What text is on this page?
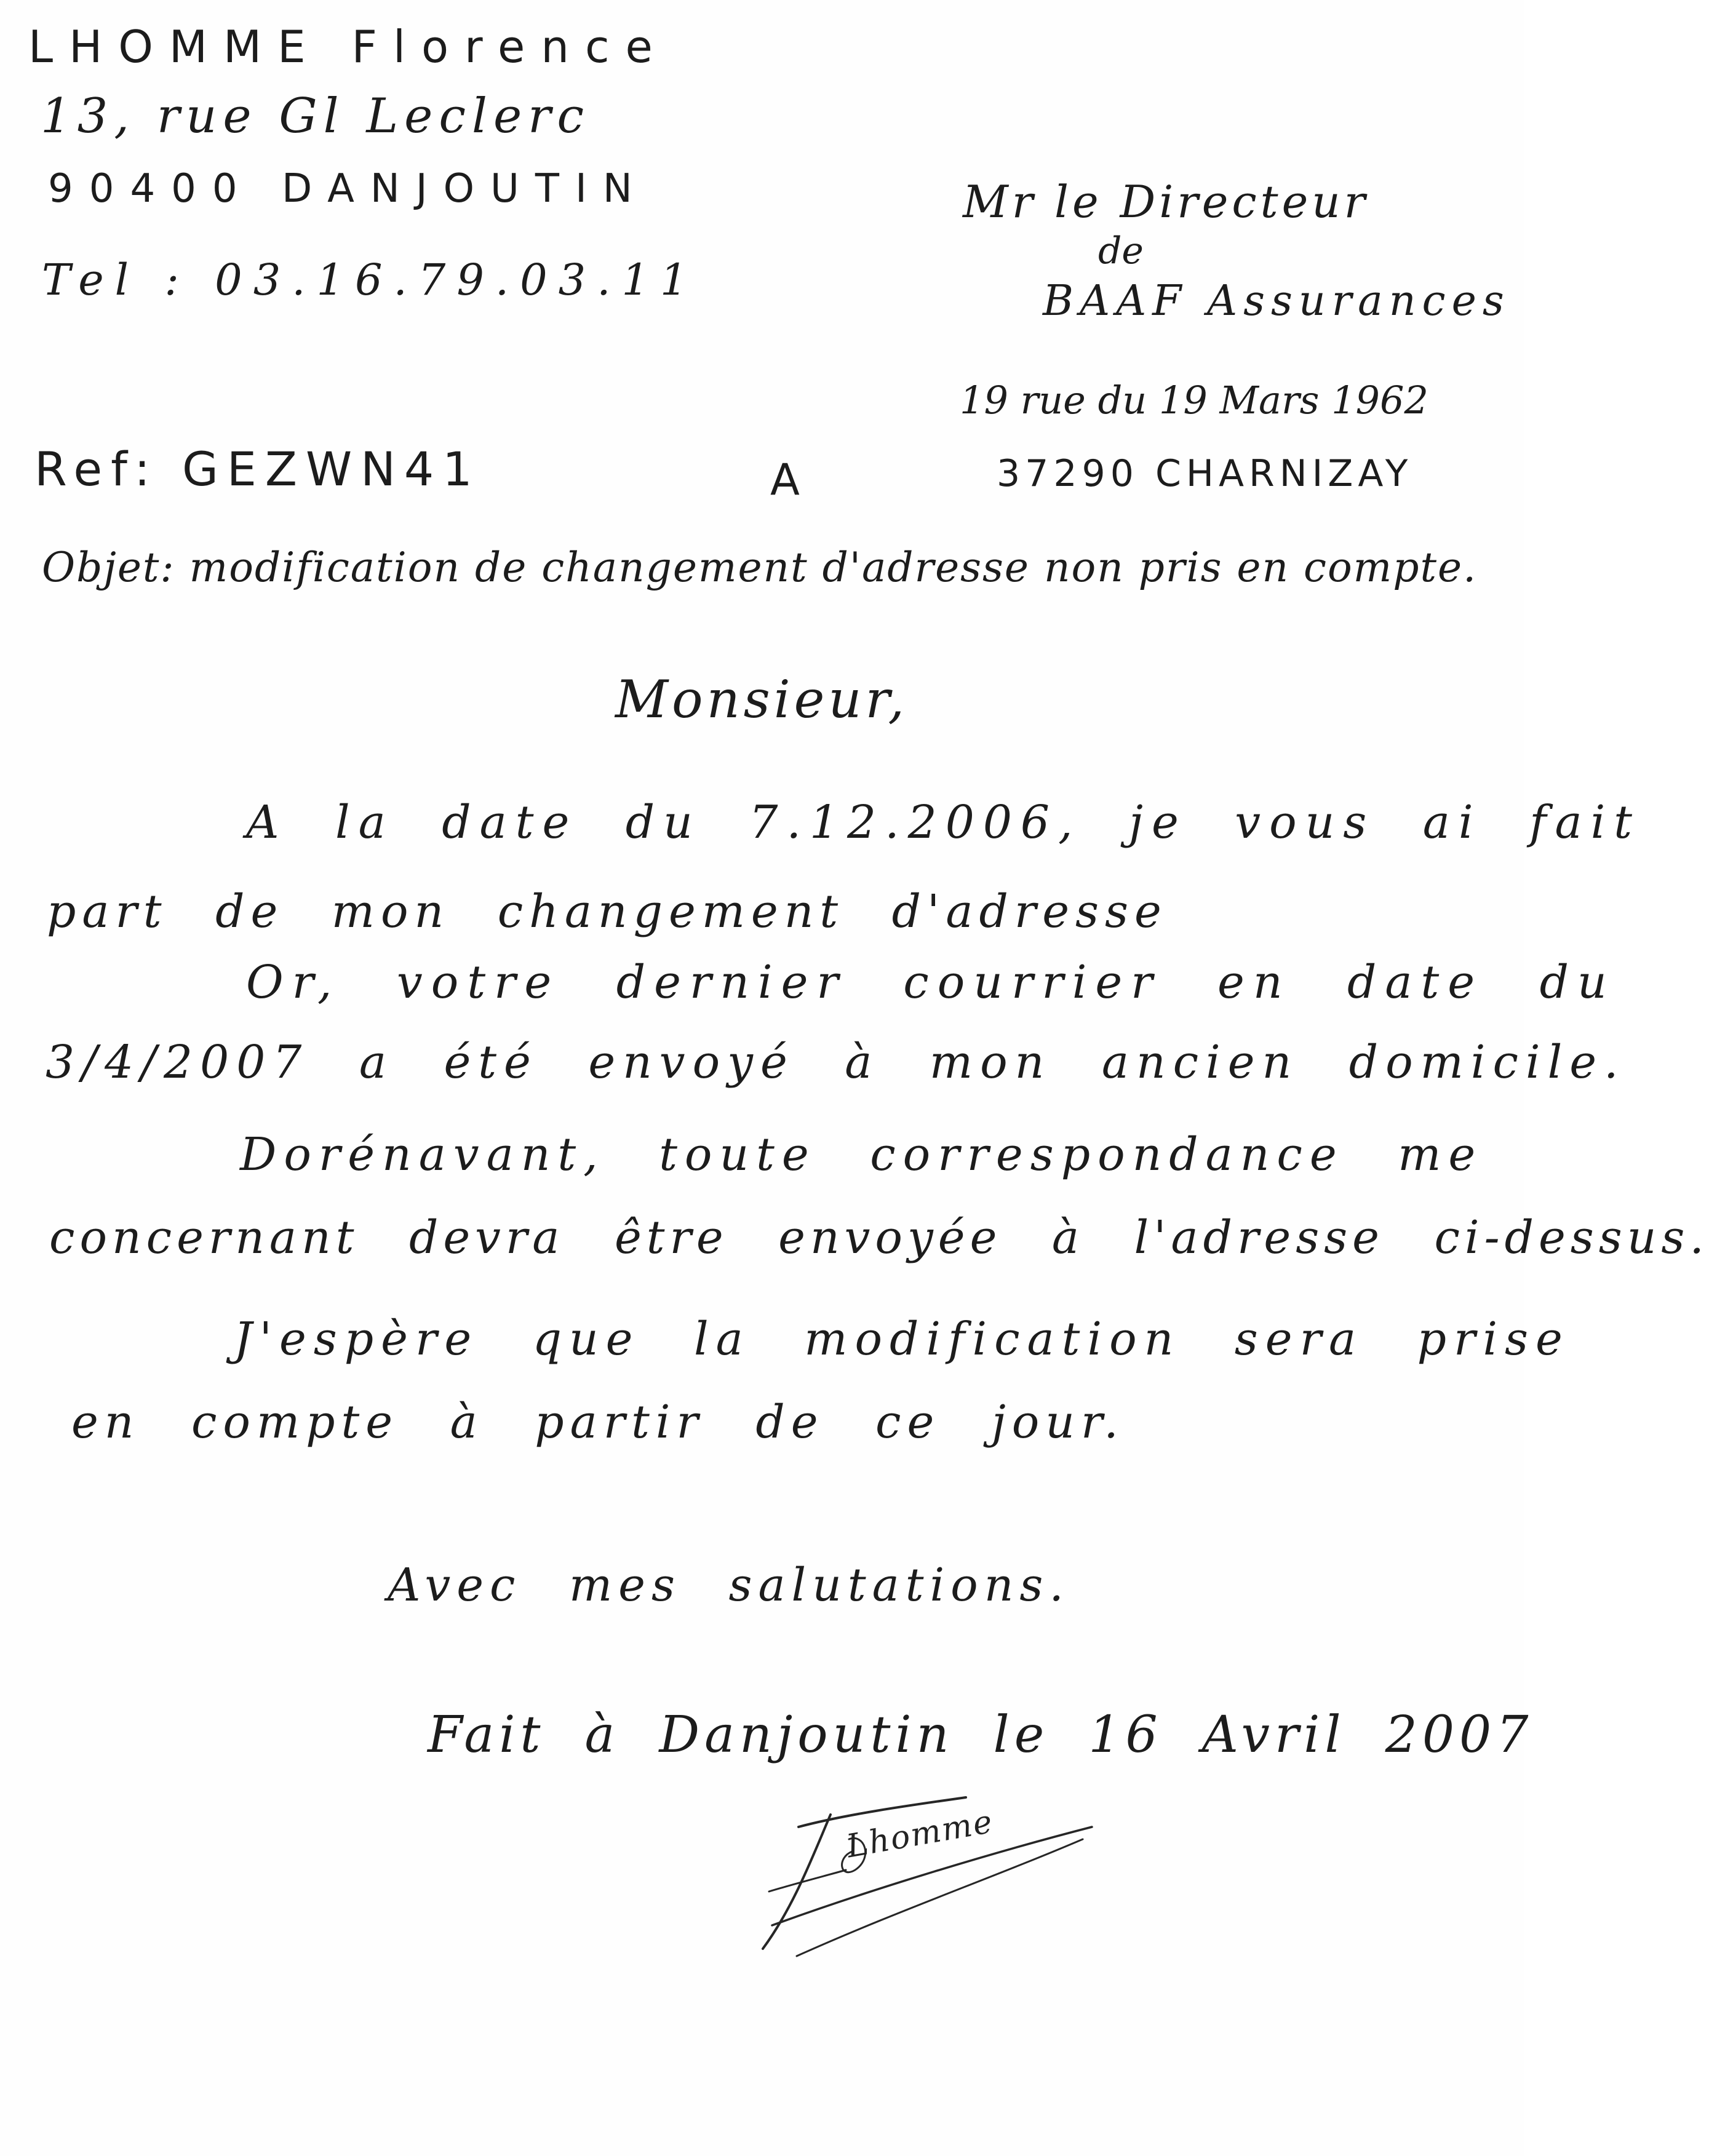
LHOMME Florence
13, rue Gl Leclerc
90400 DANJOUTIN
Tel : 03.16.79.03.11
Mr le Directeur
de
BAAF Assurances
19 rue du 19 Mars 1962
37290 CHARNIZAY
Ref: GEZWN41	A
Objet: modification de changement d'adresse non pris en compte.
Monsieur,
A la date du 7.12.2006, je vous ai fait
part de mon changement d'adresse
Or, votre dernier courrier en date du
3/4/2007 a été envoyé à mon ancien domicile.
Dorénavant, toute correspondance me
concernant devra être envoyée à l'adresse ci-dessus.
J'espère que la modification sera prise
en compte à partir de ce jour.
Avec mes salutations.
Fait à Danjoutin le 16 Avril 2007
Lhomme
